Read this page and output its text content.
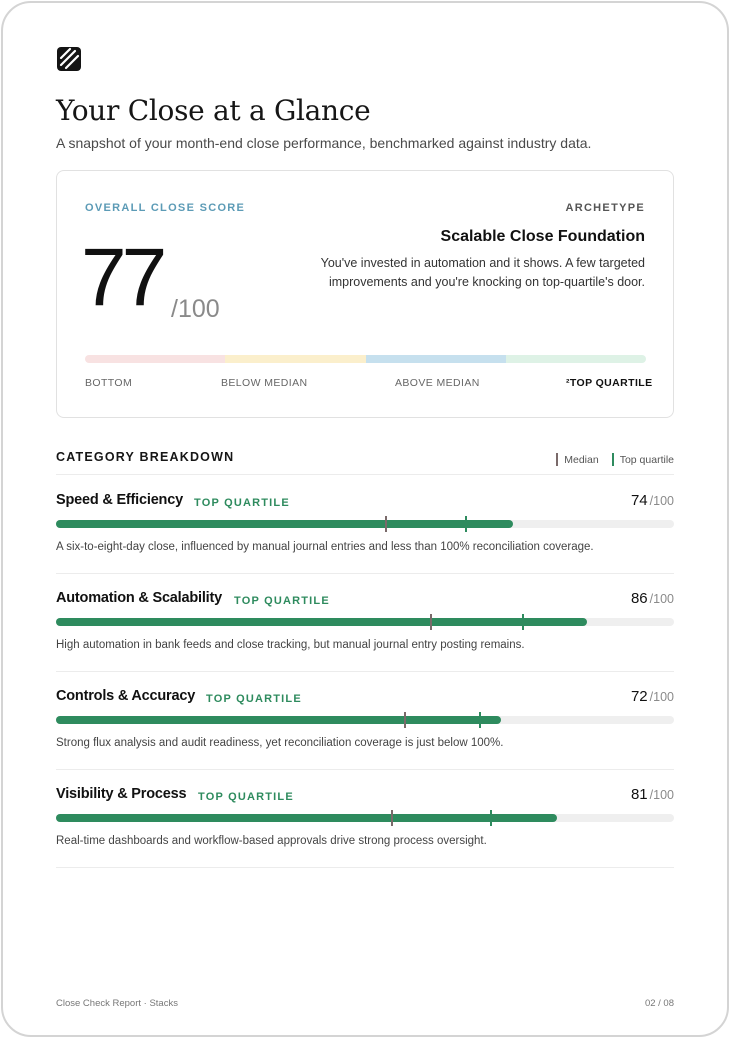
Your Close at a Glance

A snapshot of your month-end close performance, benchmarked against industry data.

OVERALL CLOSE SCORE
77 /100
ARCHETYPE
Scalable Close Foundation
You've invested in automation and it shows. A few targeted improvements and you're knocking on top-quartile's door.
BOTTOM	BELOW MEDIAN	ABOVE MEDIAN	²TOP QUARTILE
CATEGORY BREAKDOWN	Median Top quartile
Speed & Efficiency TOP QUARTILE	74 /100
A six-to-eight-day close, influenced by manual journal entries and less than 100% reconciliation coverage.
Automation & Scalability TOP QUARTILE	86 /100
High automation in bank feeds and close tracking, but manual journal entry posting remains.
Controls & Accuracy TOP QUARTILE	72 /100
Strong flux analysis and audit readiness, yet reconciliation coverage is just below 100%.
Visibility & Process TOP QUARTILE	81 /100
Real-time dashboards and workflow-based approvals drive strong process oversight.
Close Check Report · Stacks	02 / 08
